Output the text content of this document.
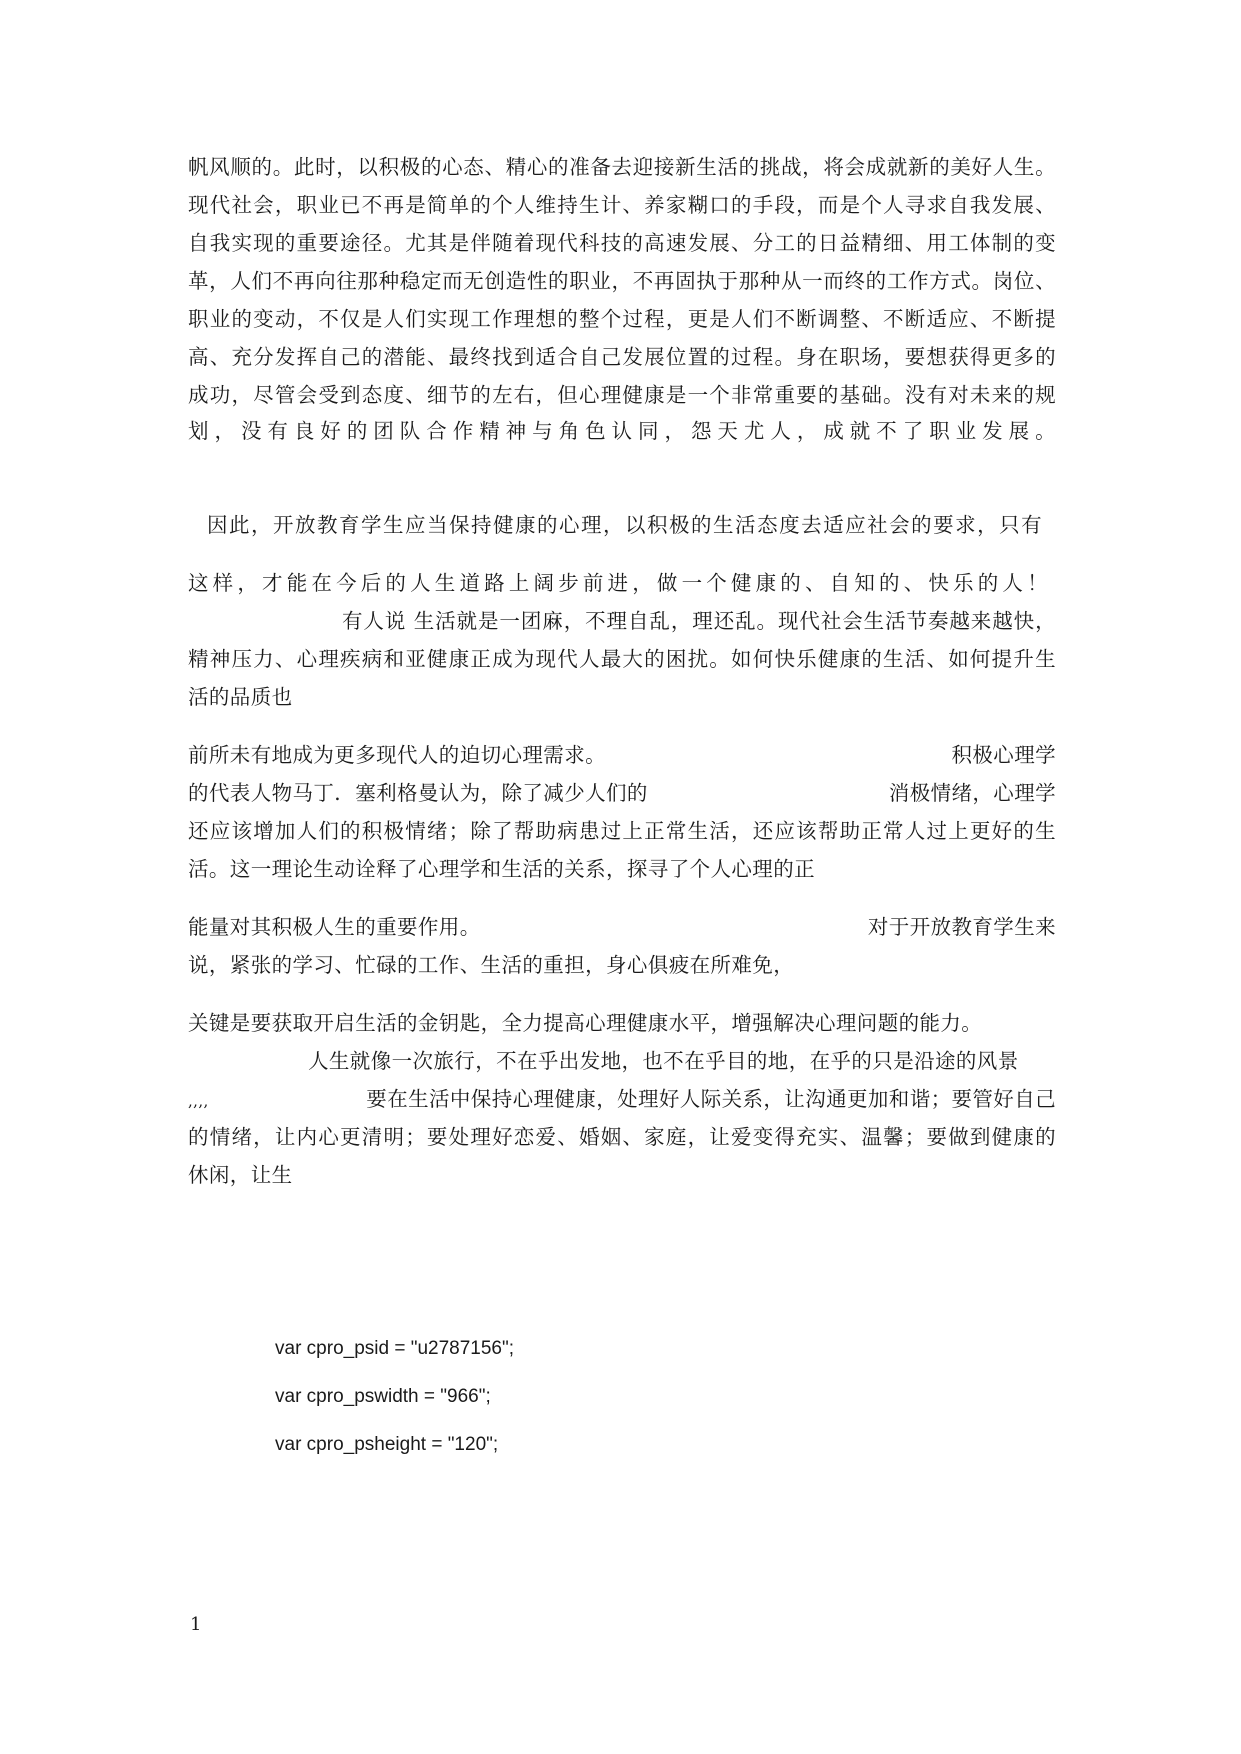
帆风顺的。此时，以积极的心态、精心的准备去迎接新生活的挑战，将会成就新的美好人生。
现代社会，职业已不再是简单的个人维持生计、养家糊口的手段，而是个人寻求自我发展、
自我实现的重要途径。尤其是伴随着现代科技的高速发展、分工的日益精细、用工体制的变
革，人们不再向往那种稳定而无创造性的职业，不再固执于那种从一而终的工作方式。岗位、
职业的变动，不仅是人们实现工作理想的整个过程，更是人们不断调整、不断适应、不断提
高、充分发挥自己的潜能、最终找到适合自己发展位置的过程。身在职场，要想获得更多的
成功，尽管会受到态度、细节的左右，但心理健康是一个非常重要的基础。没有对未来的规
划，没有良好的团队合作精神与角色认同，怨天尤人，成就不了职业发展。
因此，开放教育学生应当保持健康的心理，以积极的生活态度去适应社会的要求，只有
这样，才能在今后的人生道路上阔步前进，做一个健康的、自知的、快乐的人！
有人说 生活就是一团麻，不理自乱，理还乱。现代社会生活节奏越来越快，
精神压力、心理疾病和亚健康正成为现代人最大的困扰。如何快乐健康的生活、如何提升生
活的品质也
前所未有地成为更多现代人的迫切心理需求。	积极心理学
的代表人物马丁．塞利格曼认为，除了减少人们的	消极情绪，心理学
还应该增加人们的积极情绪；除了帮助病患过上正常生活，还应该帮助正常人过上更好的生
活。这一理论生动诠释了心理学和生活的关系，探寻了个人心理的正
能量对其积极人生的重要作用。	对于开放教育学生来
说，紧张的学习、忙碌的工作、生活的重担，身心俱疲在所难免，
关键是要获取开启生活的金钥匙，全力提高心理健康水平，增强解决心理问题的能力。
人生就像一次旅行，不在乎出发地，也不在乎目的地，在乎的只是沿途的风景
,,,,	要在生活中保持心理健康，处理好人际关系，让沟通更加和谐；要管好自己
的情绪，让内心更清明；要处理好恋爱、婚姻、家庭，让爱变得充实、温馨；要做到健康的
休闲，让生
var cpro_psid = "u2787156";
var cpro_pswidth = "966";
var cpro_psheight = "120";
1
